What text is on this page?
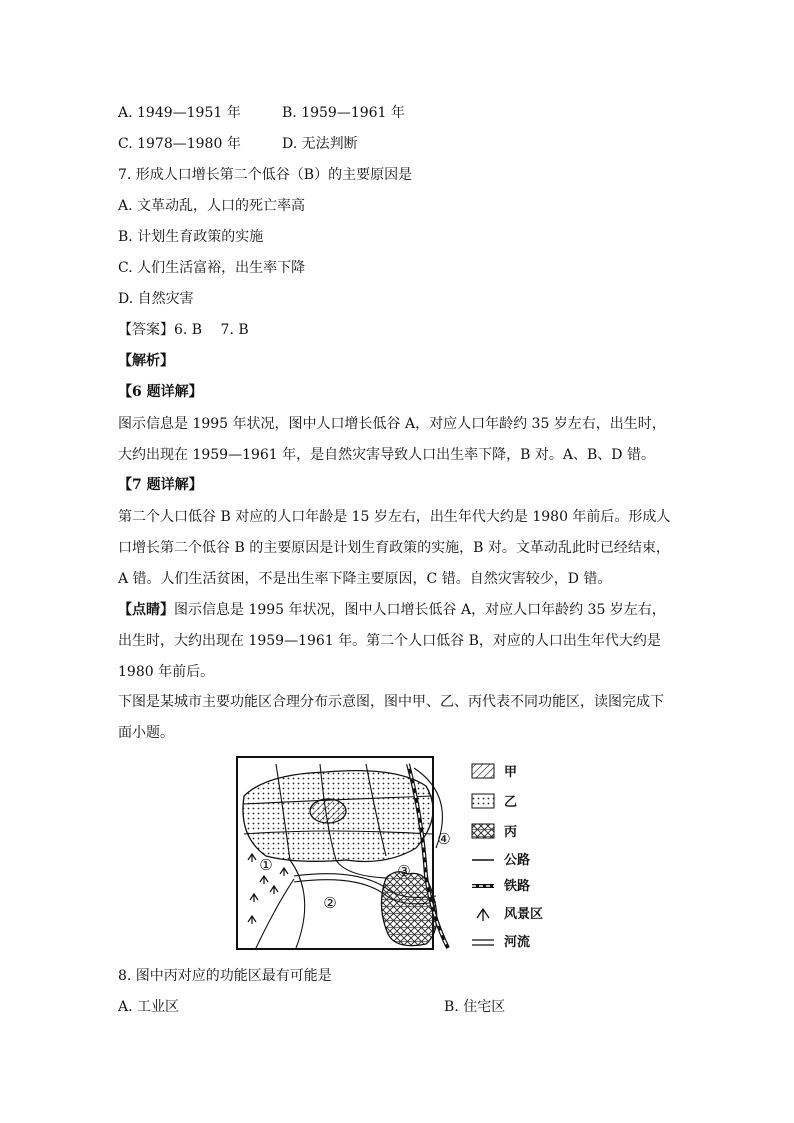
A. 1949—1951 年	B. 1959—1961 年
C. 1978—1980 年	D. 无法判断
7. 形成人口增长第二个低谷（B）的主要原因是
A. 文革动乱，人口的死亡率高
B. 计划生育政策的实施
C. 人们生活富裕，出生率下降
D. 自然灾害
【答案】6. B　 7. B
【解析】
【6 题详解】
图示信息是 1995 年状况，图中人口增长低谷 A，对应人口年龄约 35 岁左右，出生时，大约出现在 1959—1961 年，是自然灾害导致人口出生率下降，B 对。A、B、D 错。
【7 题详解】
第二个人口低谷 B 对应的人口年龄是 15 岁左右，出生年代大约是 1980 年前后。形成人口增长第二个低谷 B 的主要原因是计划生育政策的实施，B 对。文革动乱此时已经结束，A 错。人们生活贫困，不是出生率下降主要原因，C 错。自然灾害较少，D 错。
【点睛】图示信息是 1995 年状况，图中人口增长低谷 A，对应人口年龄约 35 岁左右，出生时，大约出现在 1959—1961 年。第二个人口低谷 B，对应的人口出生年代大约是 1980 年前后。
下图是某城市主要功能区合理分布示意图，图中甲、乙、丙代表不同功能区，读图完成下面小题。
①
②
③
④
甲
乙
丙
公路
铁路
风景区
河流
8. 图中丙对应的功能区最有可能是
A. 工业区	B. 住宅区
